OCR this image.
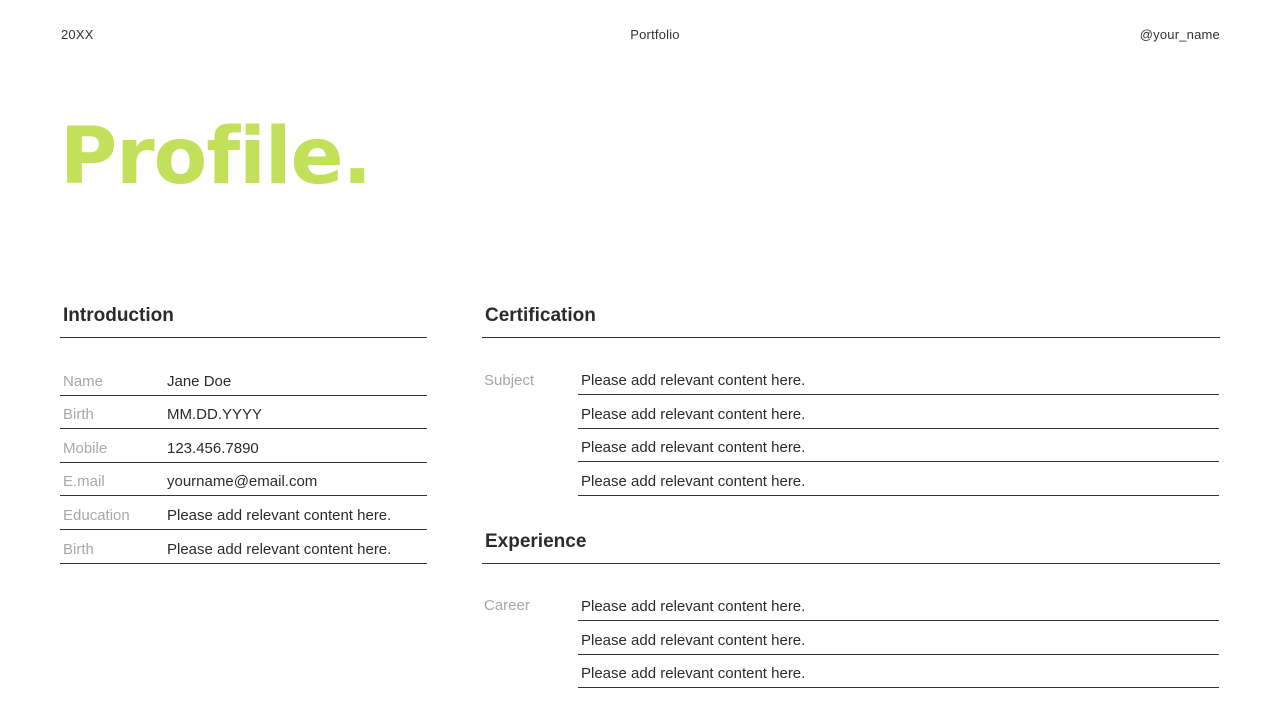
20XX	Portfolio	@your_name
Profile.
Introduction
Name	Jane Doe
Birth	MM.DD.YYYY
Mobile	123.456.7890
E.mail	yourname@email.com
Education Please add relevant content here.
Birth	Please add relevant content here.
Certification
Subject	Please add relevant content here.
Please add relevant content here.
Please add relevant content here.
Please add relevant content here.
Experience
Career	Please add relevant content here.
Please add relevant content here.
Please add relevant content here.
